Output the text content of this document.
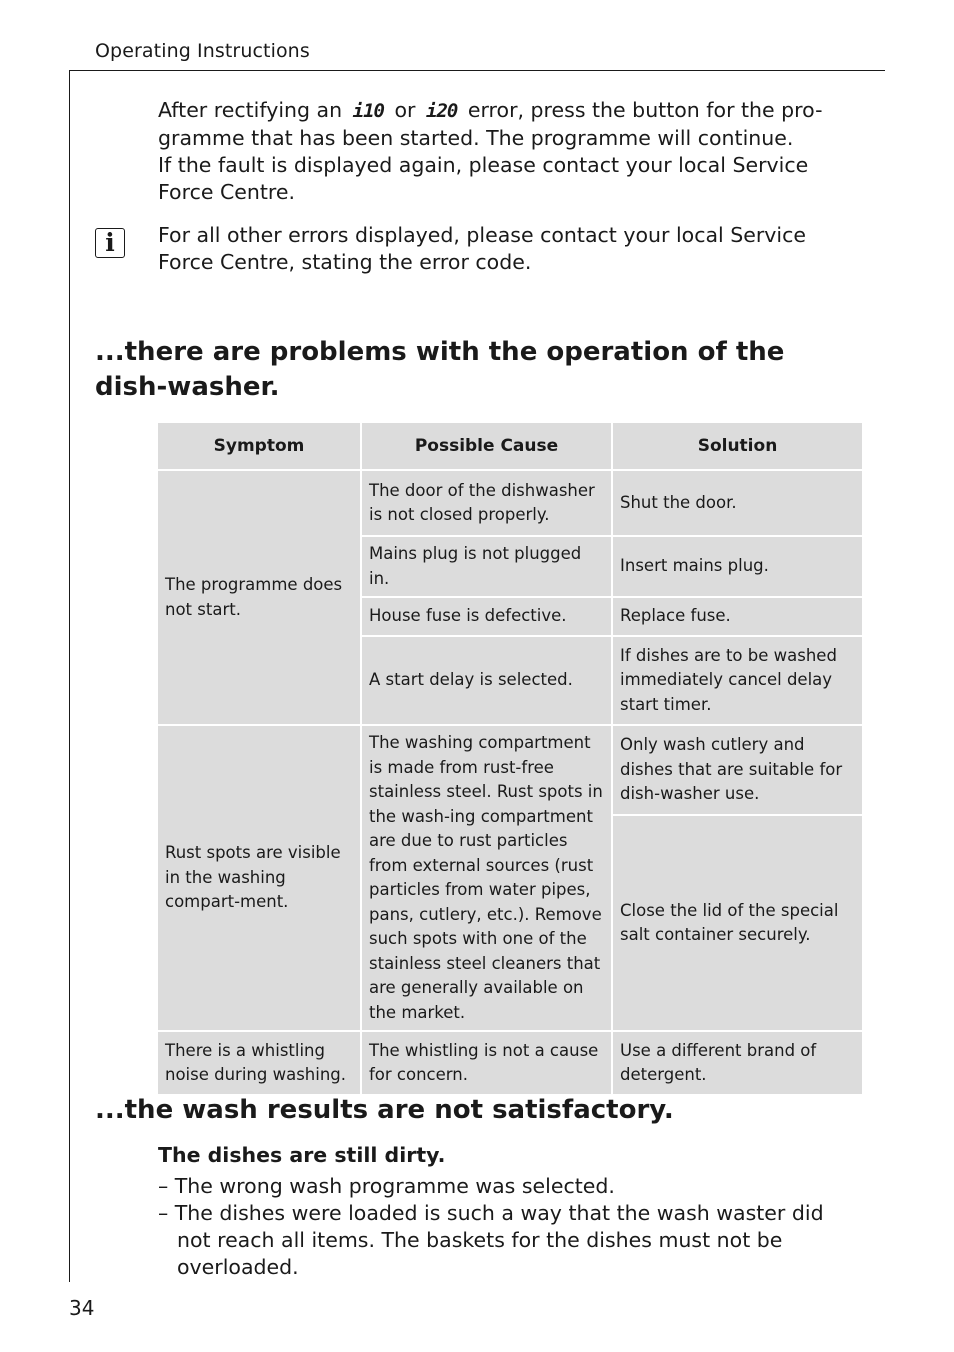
Operating Instructions
After rectifying an i10 or i20 error, press the button for the pro-gramme that has been started. The programme will continue.
If the fault is displayed again, please contact your local Service Force Centre.
i	For all other errors displayed, please contact your local Service Force Centre, stating the error code.
...there are problems with the operation of the dish-washer.
Symptom	Possible Cause	Solution
The programme does not start.	The door of the dishwasher is not closed properly.	Shut the door.
	Mains plug is not plugged in.	Insert mains plug.
	House fuse is defective.	Replace fuse.
	A start delay is selected.	If dishes are to be washed immediately cancel delay start timer.
Rust spots are visible in the washing compart-ment.	The washing compartment is made from rust-free stainless steel. Rust spots in the wash-ing compartment are due to rust particles from external sources (rust particles from water pipes, pans, cutlery, etc.). Remove such spots with one of the stainless steel cleaners that are generally available on the market.	Only wash cutlery and dishes that are suitable for dish-washer use.
		Close the lid of the special salt container securely.
There is a whistling noise during washing.	The whistling is not a cause for concern.	Use a different brand of detergent.
...the wash results are not satisfactory.
The dishes are still dirty.
– The wrong wash programme was selected.
– The dishes were loaded is such a way that the wash waster did not reach all items. The baskets for the dishes must not be overloaded.
34
